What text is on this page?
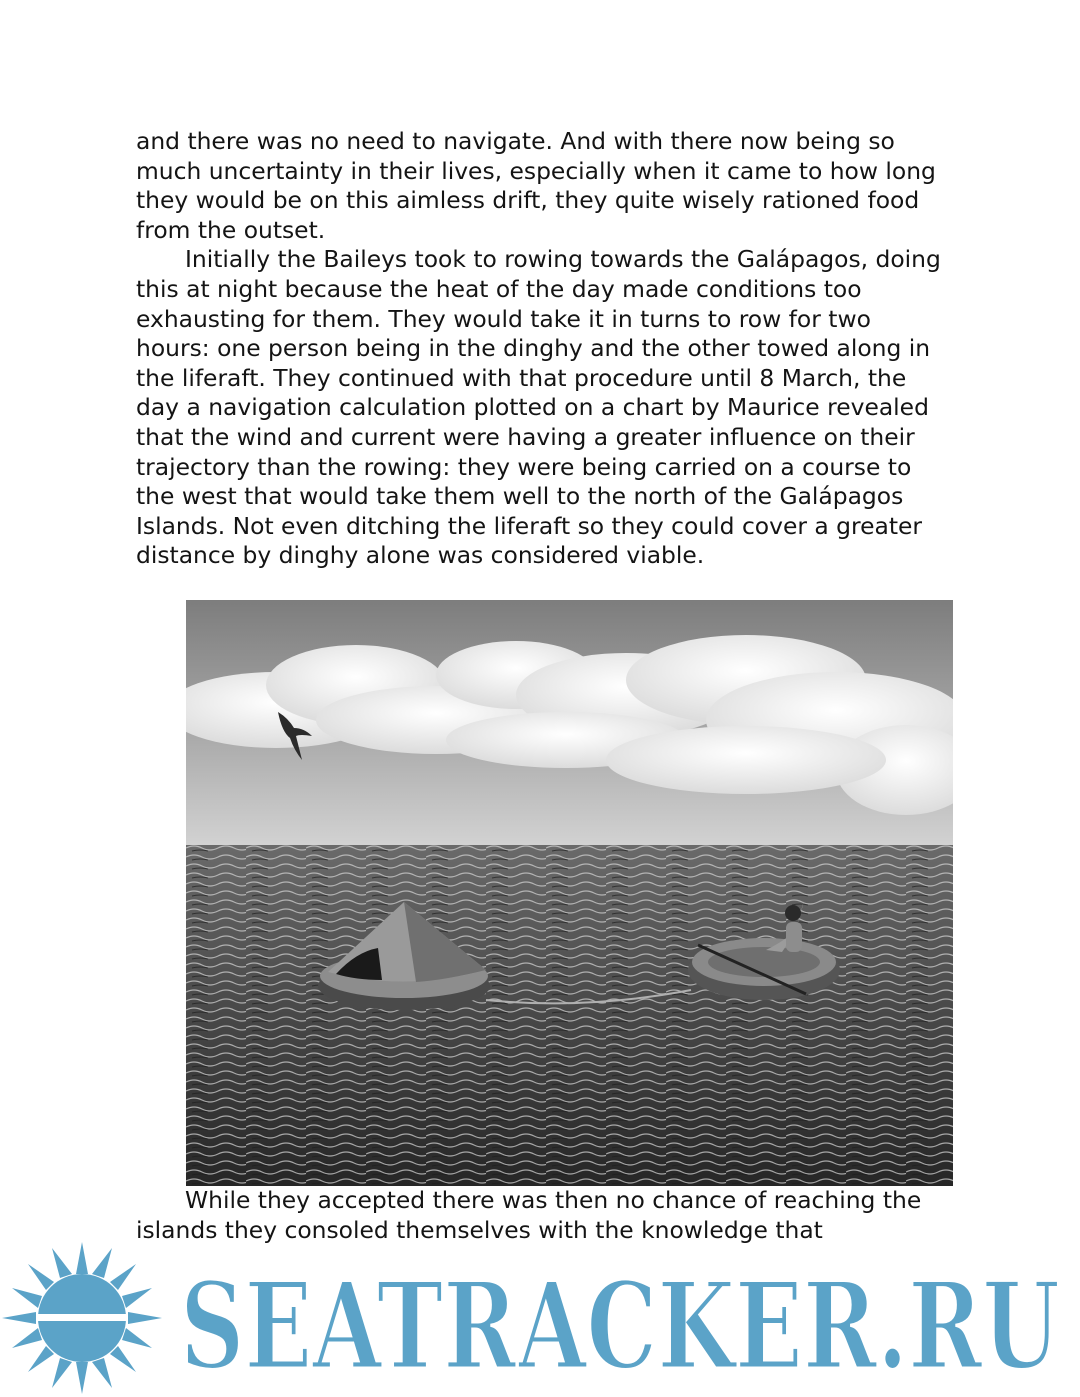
and there was no need to navigate. And with there now being so much uncertainty in their lives, especially when it came to how long they would be on this aimless drift, they quite wisely rationed food from the outset.

Initially the Baileys took to rowing towards the Galápagos, doing this at night because the heat of the day made conditions too exhausting for them. They would take it in turns to row for two hours: one person being in the dinghy and the other towed along in the liferaft. They continued with that procedure until 8 March, the day a navigation calculation plotted on a chart by Maurice revealed that the wind and current were having a greater influence on their trajectory than the rowing: they were being carried on a course to the west that would take them well to the north of the Galápagos Islands. Not even ditching the liferaft so they could cover a greater distance by dinghy alone was considered viable.

While they accepted there was then no chance of reaching the islands they consoled themselves with the knowledge that

SEATRACKER.RU
